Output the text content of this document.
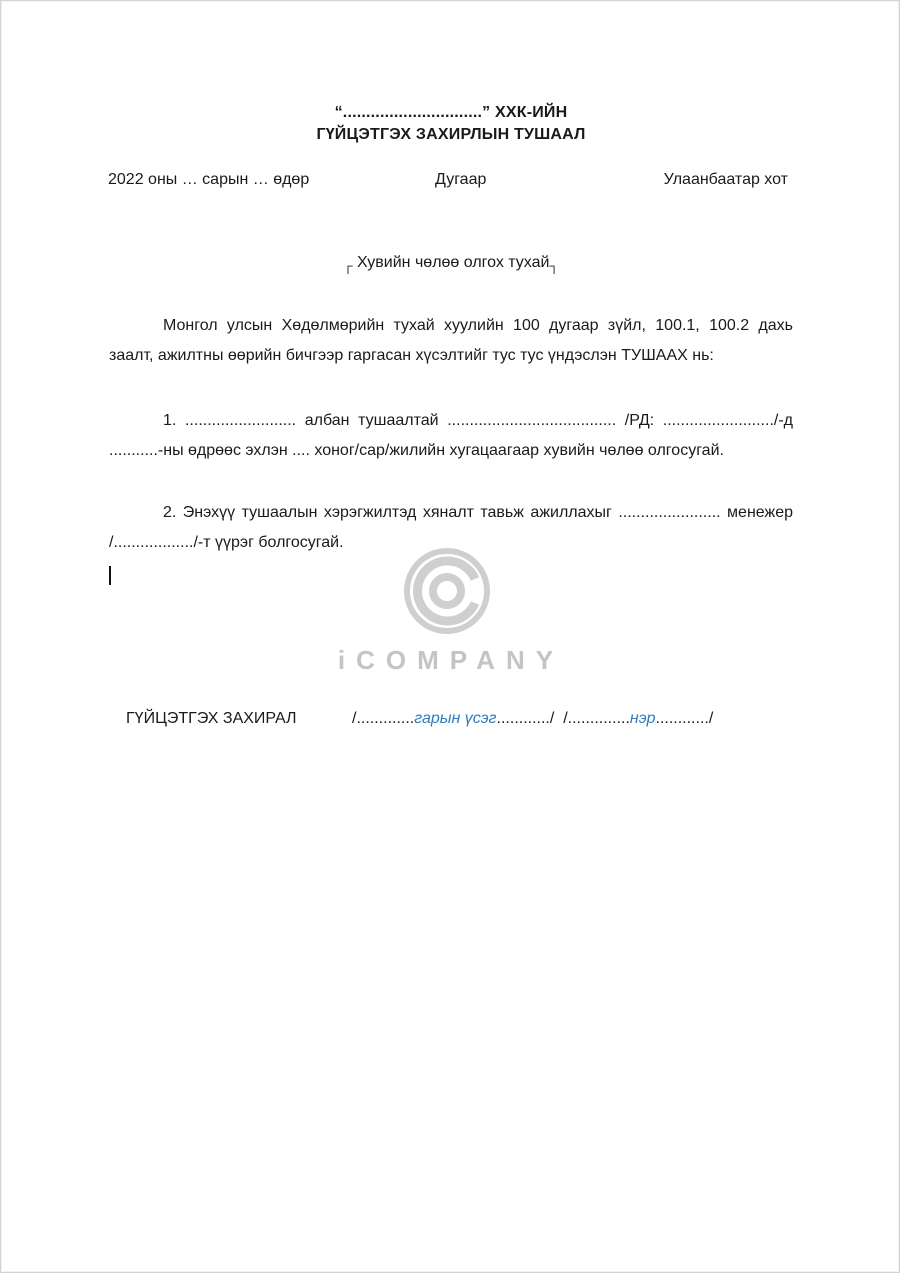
“..............................” ХХК-ИЙН
ГҮЙЦЭТГЭХ ЗАХИРЛЫН ТУШААЛ
2022 оны … сарын … өдөр	Дугаар	Улаанбаатар хот
┌ Хувийн чөлөө олгох тухай┐
Монгол улсын Хөдөлмөрийн тухай хуулийн 100 дугаар зүйл, 100.1, 100.2 дахь заалт, ажилтны өөрийн бичгээр гаргасан хүсэлтийг тус тус үндэслэн ТУШААХ нь:
1. ......................... албан тушаалтай ...................................... /РД: ........................./-д ...........-ны өдрөөс эхлэн .... хоног/сар/жилийн хугацаагаар хувийн чөлөө олгосугай.
2. Энэхүү тушаалын хэрэгжилтэд хяналт тавьж ажиллахыг ....................... менежер /................../-т үүрэг болгосугай.
iCOMPANY
ГҮЙЦЭТГЭХ ЗАХИРАЛ	/.............гарын үсэг............/  /..............нэр............/
